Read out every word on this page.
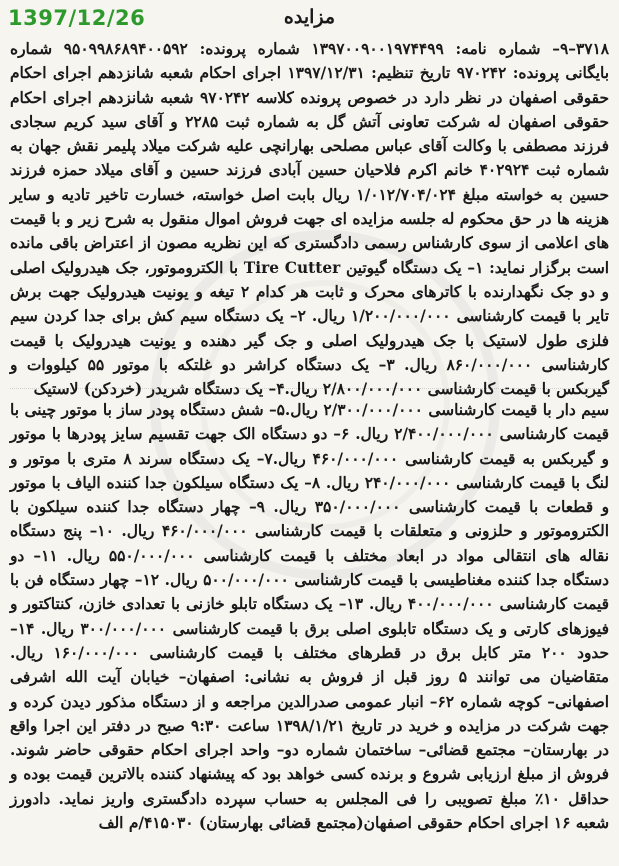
1397/12/26	مزایده

۳۷۱۸–۹– شماره نامه: ۱۳۹۷۰۰۹۰۰۱۹۷۴۴۹۹ شماره پرونده: ۹۵۰۹۹۸۶۸۹۴۰۰۵۹۲ شماره بایگانی پرونده: ۹۷۰۲۴۲ تاریخ تنظیم: ۱۳۹۷/۱۲/۳۱ اجرای احکام شعبه شانزدهم اجرای احکام حقوقی اصفهان در نظر دارد در خصوص پرونده کلاسه ۹۷۰۲۴۲ شعبه شانزدهم اجرای احکام حقوقی اصفهان له شرکت تعاونی آتش گل به شماره ثبت ۲۲۸۵ و آقای سید کریم سجادی فرزند مصطفی با وکالت آقای عباس مصلحی بهارانچی علیه شرکت میلاد پلیمر نقش جهان به شماره ثبت ۴۰۲۹۲۴ خانم اکرم فلاحیان حسین آبادی فرزند حسین و آقای میلاد حمزه فرزند حسین به خواسته مبلغ ۱/۰۱۲/۷۰۴/۰۲۴ ریال بابت اصل خواسته، خسارت تاخیر تادیه و سایر هزینه ها در حق محکوم له جلسه مزایده ای جهت فروش اموال منقول به شرح زیر و با قیمت های اعلامی از سوی کارشناس رسمی دادگستری که این نظریه مصون از اعتراض باقی مانده است برگزار نماید: ۱– یک دستگاه گیوتین Tire Cutter با الکتروموتور، جک هیدرولیک اصلی و دو جک نگهدارنده با کاترهای محرک و ثابت هر کدام ۲ تیغه و یونیت هیدرولیک جهت برش تایر با قیمت کارشناسی ۱/۲۰۰/۰۰۰/۰۰۰ ریال. ۲– یک دستگاه سیم کش برای جدا کردن سیم فلزی طول لاستیک با جک هیدرولیک اصلی و جک گیر دهنده و یونیت هیدرولیک با قیمت کارشناسی ۸۶۰/۰۰۰/۰۰۰ ریال. ۳– یک دستگاه کراشر دو غلتکه با موتور ۵۵ کیلووات و گیربکس با قیمت کارشناسی ۲/۸۰۰/۰۰۰/۰۰۰ ریال.۴– یک دستگاه شریدر (خردکن) لاستیک

سیم دار با قیمت کارشناسی ۲/۳۰۰/۰۰۰/۰۰۰ ریال.۵– شش دستگاه پودر ساز با موتور چینی با قیمت کارشناسی ۲/۴۰۰/۰۰۰/۰۰۰ ریال. ۶– دو دستگاه الک جهت تقسیم سایز پودرها با موتور و گیربکس به قیمت کارشناسی ۴۶۰/۰۰۰/۰۰۰ ریال.۷– یک دستگاه سرند ۸ متری با موتور و لنگ با قیمت کارشناسی ۲۴۰/۰۰۰/۰۰۰ ریال. ۸– یک دستگاه سیلکون جدا کننده الیاف با موتور و قطعات با قیمت کارشناسی ۳۵۰/۰۰۰/۰۰۰ ریال. ۹– چهار دستگاه جدا کننده سیلکون با الکتروموتور و حلزونی و متعلقات با قیمت کارشناسی ۴۶۰/۰۰۰/۰۰۰ ریال. ۱۰– پنج دستگاه نقاله های انتقالی مواد در ابعاد مختلف با قیمت کارشناسی ۵۵۰/۰۰۰/۰۰۰ ریال. ۱۱– دو دستگاه جدا کننده مغناطیسی با قیمت کارشناسی ۵۰۰/۰۰۰/۰۰۰ ریال. ۱۲– چهار دستگاه فن با قیمت کارشناسی ۴۰۰/۰۰۰/۰۰۰ ریال. ۱۳– یک دستگاه تابلو خازنی با تعدادی خازن، کنتاکتور و فیوزهای کارتی و یک دستگاه تابلوی اصلی برق با قیمت کارشناسی ۳۰۰/۰۰۰/۰۰۰ ریال. ۱۴– حدود ۲۰۰ متر کابل برق در قطرهای مختلف با قیمت کارشناسی ۱۶۰/۰۰۰/۰۰۰ ریال. متقاضیان می توانند ۵ روز قبل از فروش به نشانی: اصفهان– خیابان آیت الله اشرفی اصفهانی– کوچه شماره ۶۲– انبار عمومی صدرالدین مراجعه و از دستگاه مذکور دیدن کرده و جهت شرکت در مزایده و خرید در تاریخ ۱۳۹۸/۱/۲۱ ساعت ۹:۳۰ صبح در دفتر این اجرا واقع در بهارستان– مجتمع قضائی– ساختمان شماره دو– واحد اجرای احکام حقوقی حاضر شوند. فروش از مبلغ ارزیابی شروع و برنده کسی خواهد بود که پیشنهاد کننده بالاترین قیمت بوده و حداقل ۱۰٪ مبلغ تصویبی را فی المجلس به حساب سپرده دادگستری واریز نماید. دادورز شعبه ۱۶ اجرای احکام حقوقی اصفهان(مجتمع قضائی بهارستان) ۴۱۵۰۳۰/م الف
